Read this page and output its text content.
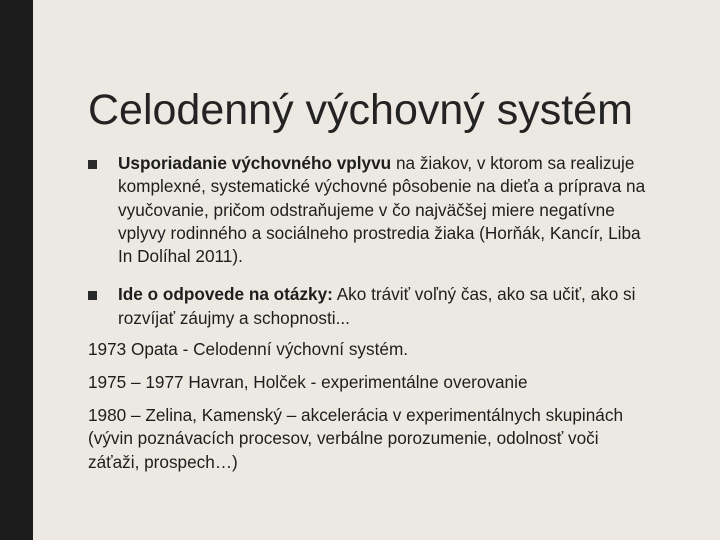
Celodenný výchovný systém
Usporiadanie výchovného vplyvu na žiakov, v ktorom sa realizuje komplexné, systematické výchovné pôsobenie na dieťa a príprava na vyučovanie, pričom odstraňujeme v čo najväčšej miere negatívne vplyvy rodinného a sociálneho prostredia žiaka (Horňák, Kancír, Liba In Dolíhal 2011).
Ide o odpovede na otázky: Ako tráviť voľný čas, ako sa učiť, ako si rozvíjať záujmy a schopnosti...

1973 Opata - Celodenní výchovní systém.

1975 – 1977 Havran, Holček - experimentálne overovanie

1980 – Zelina, Kamenský – akcelerácia v experimentálnych skupinách (vývin poznávacích procesov, verbálne porozumenie, odolnosť voči záťaži, prospech…)
